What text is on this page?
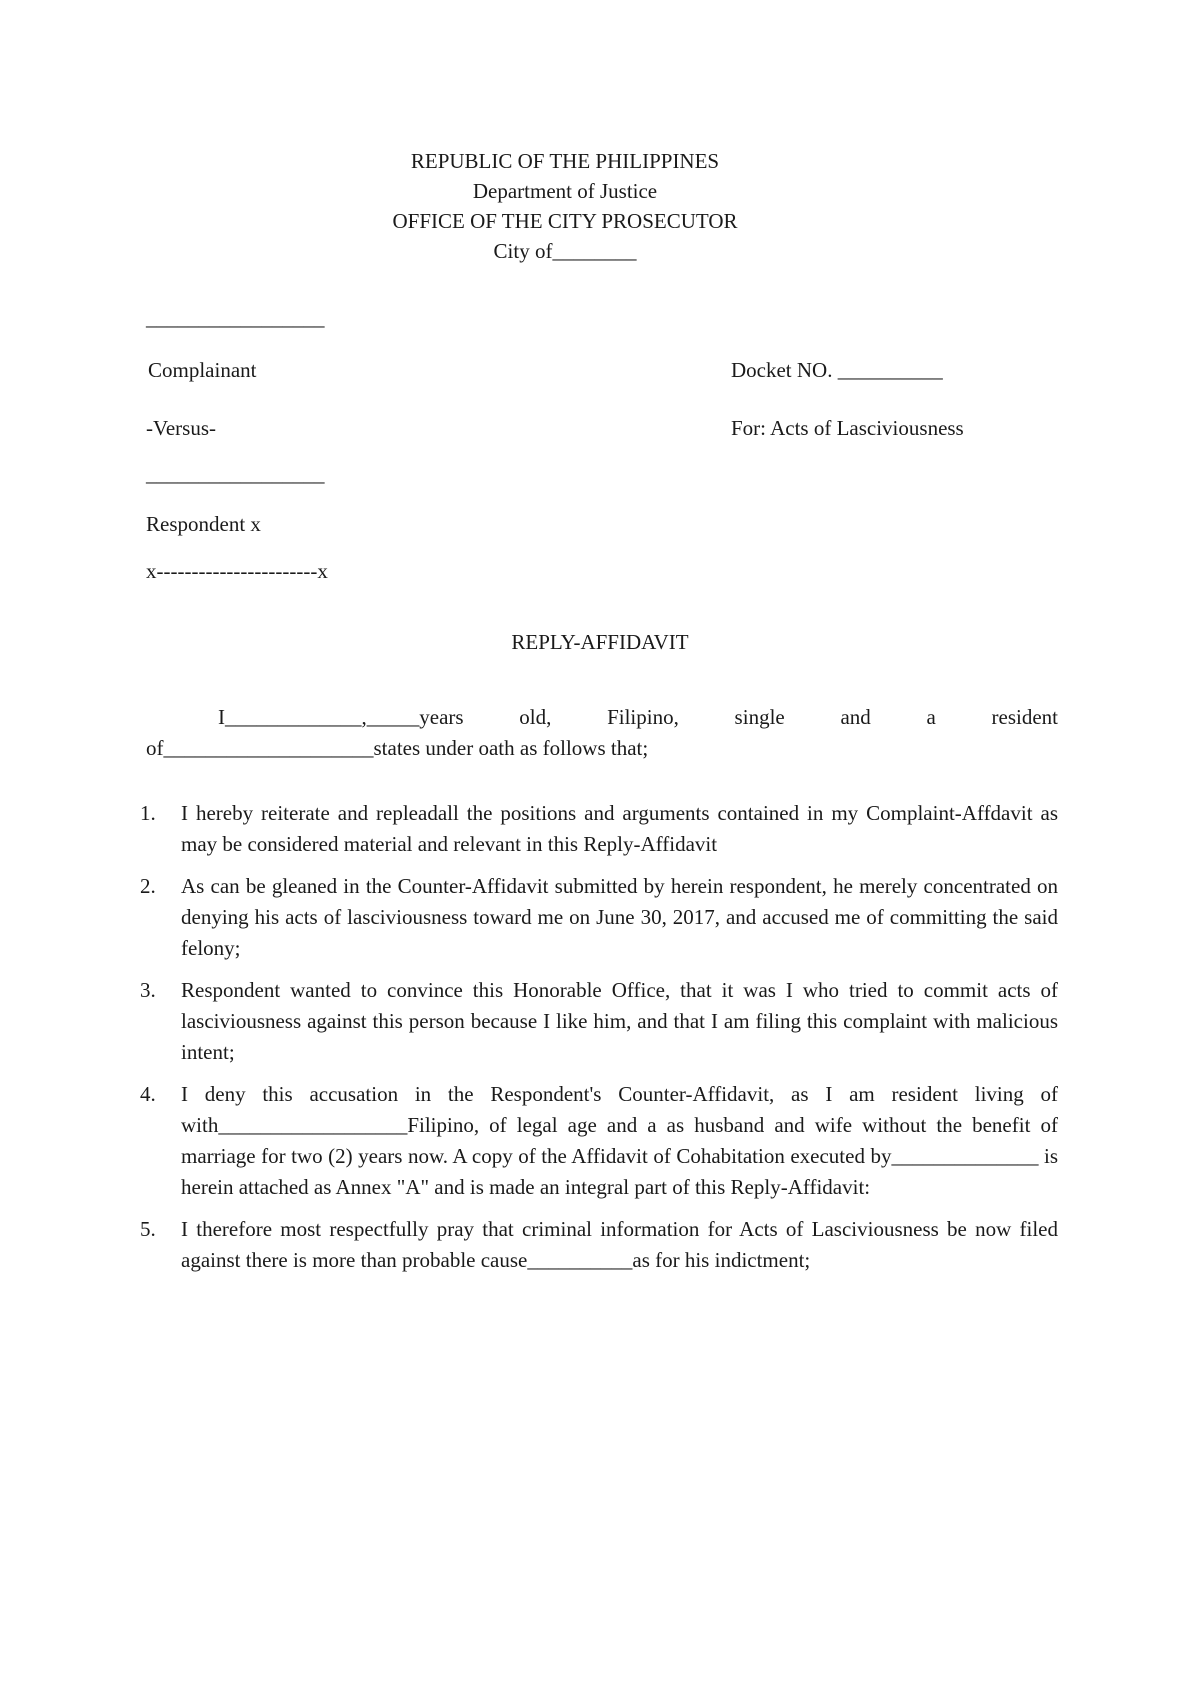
REPUBLIC OF THE PHILIPPINES
Department of Justice
OFFICE OF THE CITY PROSECUTOR
City of________
_________________
Complainant	Docket NO. __________
-Versus-	For: Acts of Lasciviousness
_________________
Respondent x
x-----------------------x
REPLY-AFFIDAVIT
I_____________,_____years old, Filipino, single and a resident
of____________________states under oath as follows that;
1. I hereby reiterate and repleadall the positions and arguments contained in my Complaint-Affdavit as may be considered material and relevant in this Reply-Affidavit
2. As can be gleaned in the Counter-Affidavit submitted by herein respondent, he merely concentrated on denying his acts of lasciviousness toward me on June 30, 2017, and accused me of committing the said felony;
3. Respondent wanted to convince this Honorable Office, that it was I who tried to commit acts of lasciviousness against this person because I like him, and that I am filing this complaint with malicious intent;
4. I deny this accusation in the Respondent's Counter-Affidavit, as I am resident living of with__________________Filipino, of legal age and a as husband and wife without the benefit of marriage for two (2) years now. A copy of the Affidavit of Cohabitation executed by______________ is herein attached as Annex "A" and is made an integral part of this Reply-Affidavit:
5. I therefore most respectfully pray that criminal information for Acts of Lasciviousness be now filed against there is more than probable cause__________as for his indictment;
